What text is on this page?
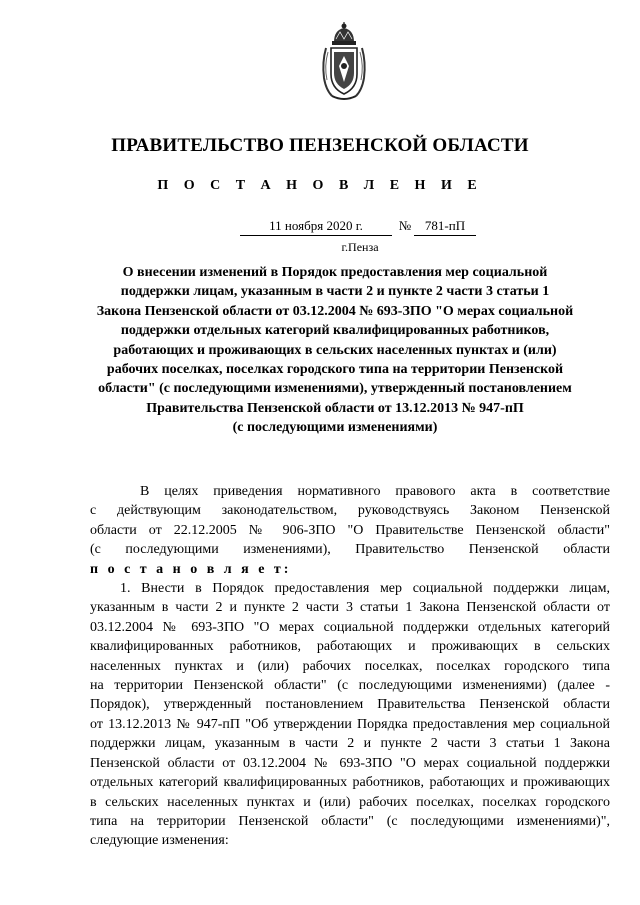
ПРАВИТЕЛЬСТВО ПЕНЗЕНСКОЙ ОБЛАСТИ
П О С Т А Н О В Л Е Н И Е
11 ноября 2020 г.	№	781-пП
г.Пенза
О внесении изменений в Порядок предоставления мер социальной
поддержки лицам, указанным в части 2 и пункте 2 части 3 статьи 1
Закона Пензенской области от 03.12.2004 № 693-ЗПО "О мерах социальной
поддержки отдельных категорий квалифицированных работников,
работающих и проживающих в сельских населенных пунктах и (или)
рабочих поселках, поселках городского типа на территории Пензенской
области" (с последующими изменениями), утвержденный постановлением
Правительства Пензенской области от 13.12.2013 № 947-пП
(с последующими изменениями)
В целях приведения нормативного правового акта в соответствие
с действующим законодательством, руководствуясь Законом Пензенской
области от 22.12.2005 № 906-ЗПО "О Правительстве Пензенской области"
(с последующими изменениями), Правительство Пензенской области
п о с т а н о в л я е т:
1. Внести в Порядок предоставления мер социальной поддержки лицам,
указанным в части 2 и пункте 2 части 3 статьи 1 Закона Пензенской области от
03.12.2004 № 693-ЗПО "О мерах социальной поддержки отдельных категорий
квалифицированных работников, работающих и проживающих в сельских
населенных пунктах и (или) рабочих поселках, поселках городского типа
на территории Пензенской области" (с последующими изменениями) (далее -
Порядок), утвержденный постановлением Правительства Пензенской области
от 13.12.2013 № 947-пП "Об утверждении Порядка предоставления мер социальной
поддержки лицам, указанным в части 2 и пункте 2 части 3 статьи 1 Закона
Пензенской области от 03.12.2004 № 693-ЗПО "О мерах социальной поддержки
отдельных категорий квалифицированных работников, работающих и проживающих
в сельских населенных пунктах и (или) рабочих поселках, поселках городского
типа на территории Пензенской области" (с последующими изменениями)",
следующие изменения:
